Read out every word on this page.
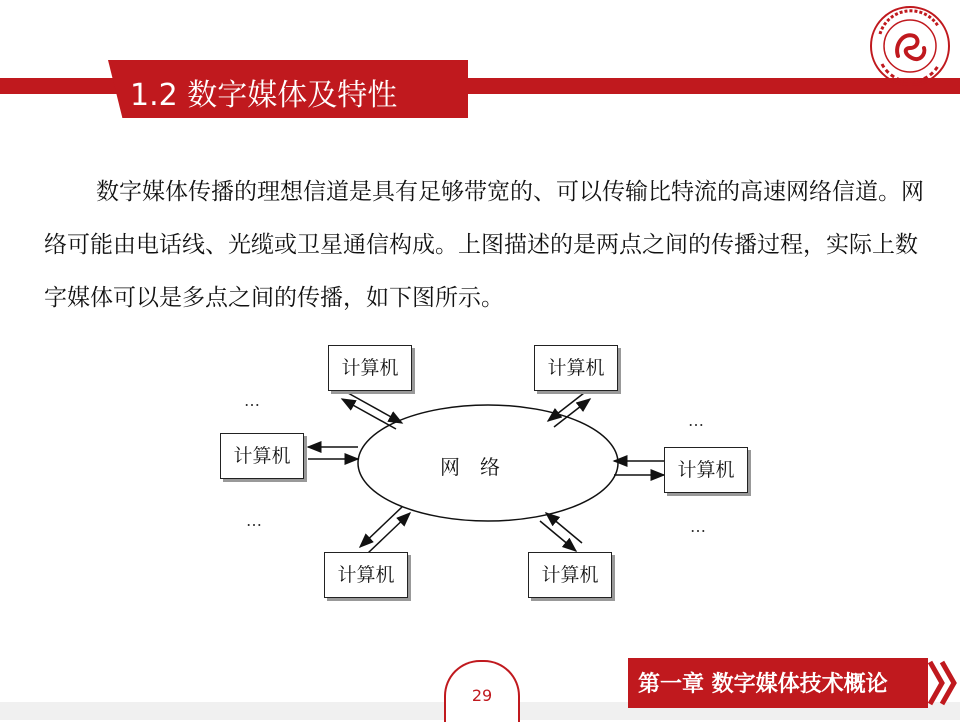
1.2 数字媒体及特性
数字媒体传播的理想信道是具有足够带宽的、可以传输比特流的高速网络信道。网络可能由电话线、光缆或卫星通信构成。上图描述的是两点之间的传播过程，实际上数字媒体可以是多点之间的传播，如下图所示。
网　络
计算机	计算机
计算机
计算机
计算机	计算机
…
…
…
…
29	第一章 数字媒体技术概论
